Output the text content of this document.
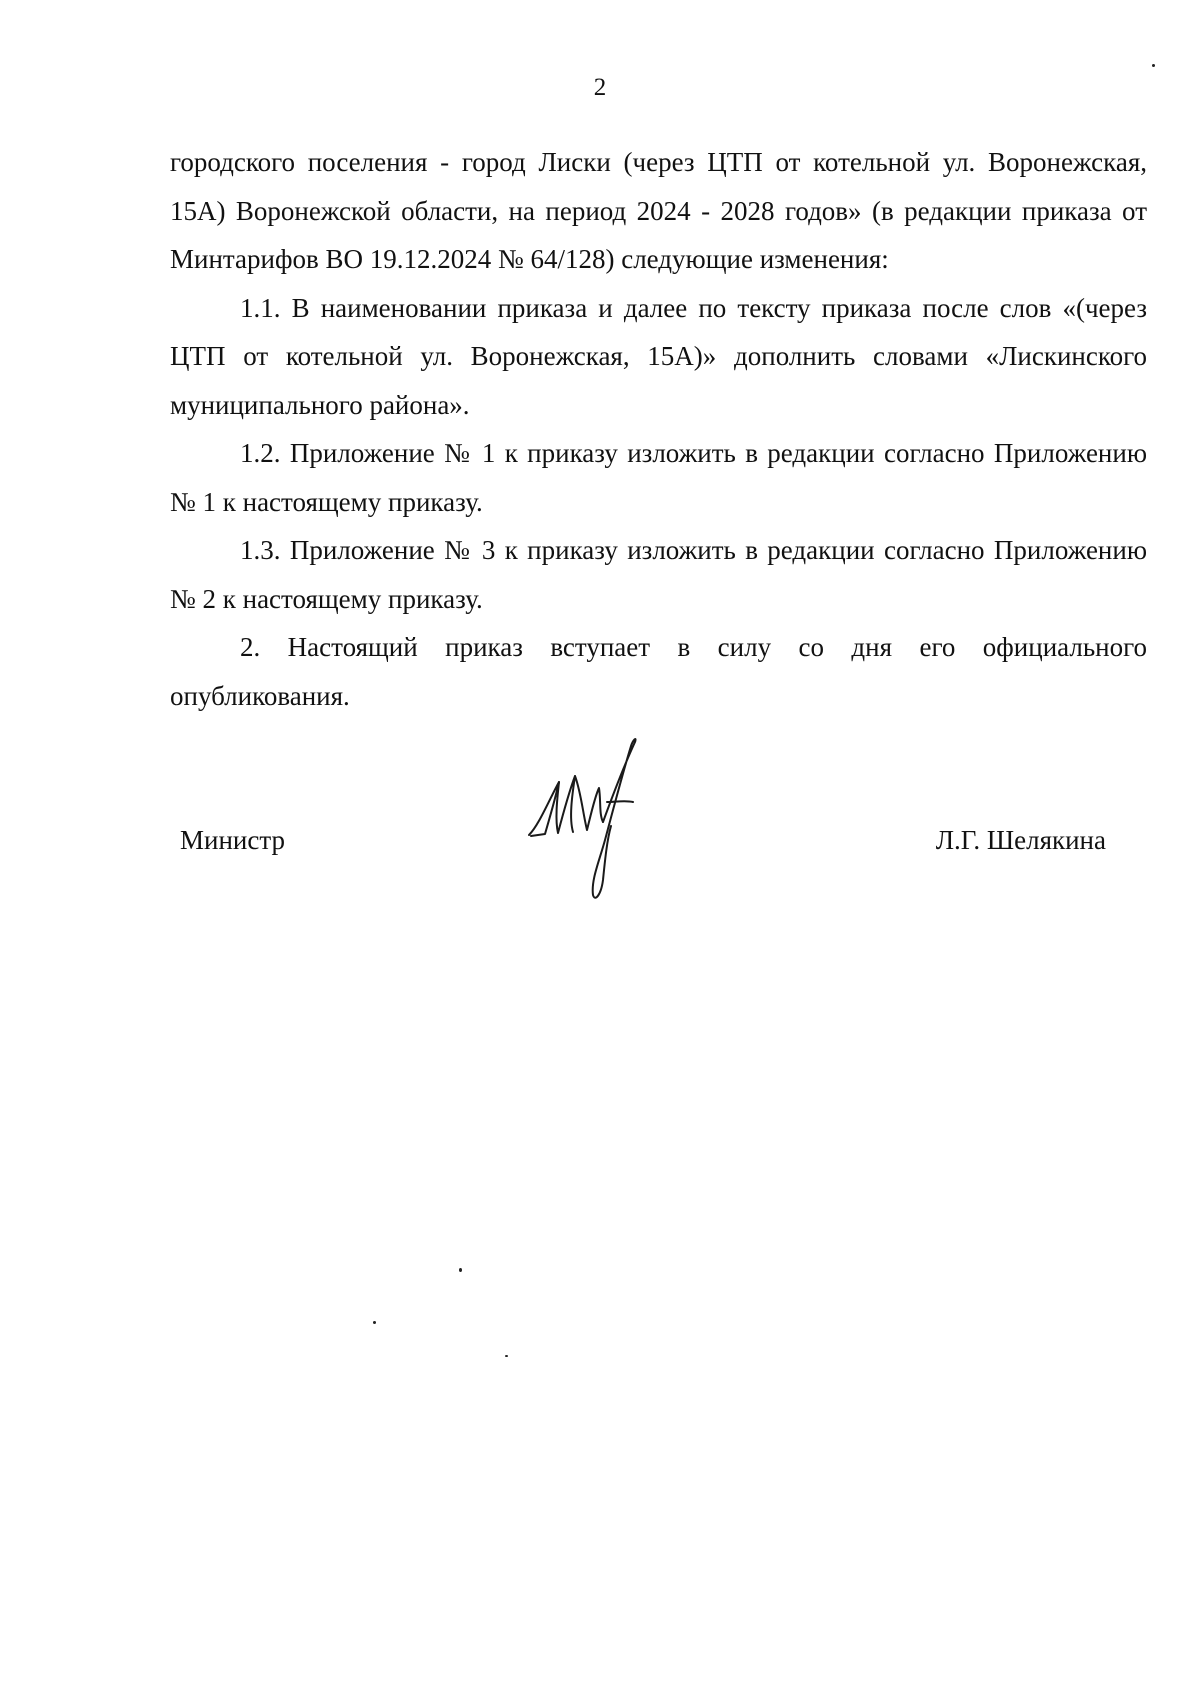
2

городского поселения - город Лиски (через ЦТП от котельной ул. Воронежская, 15А) Воронежской области, на период 2024 - 2028 годов» (в редакции приказа от Минтарифов ВО 19.12.2024 № 64/128) следующие изменения:

1.1. В наименовании приказа и далее по тексту приказа после слов «(через ЦТП от котельной ул. Воронежская, 15А)» дополнить словами «Лискинского муниципального района».

1.2. Приложение № 1 к приказу изложить в редакции согласно Приложению № 1 к настоящему приказу.

1.3. Приложение № 3 к приказу изложить в редакции согласно Приложению № 2 к настоящему приказу.

2. Настоящий приказ вступает в силу со дня его официального опубликования.

Министр	Л.Г. Шелякина
